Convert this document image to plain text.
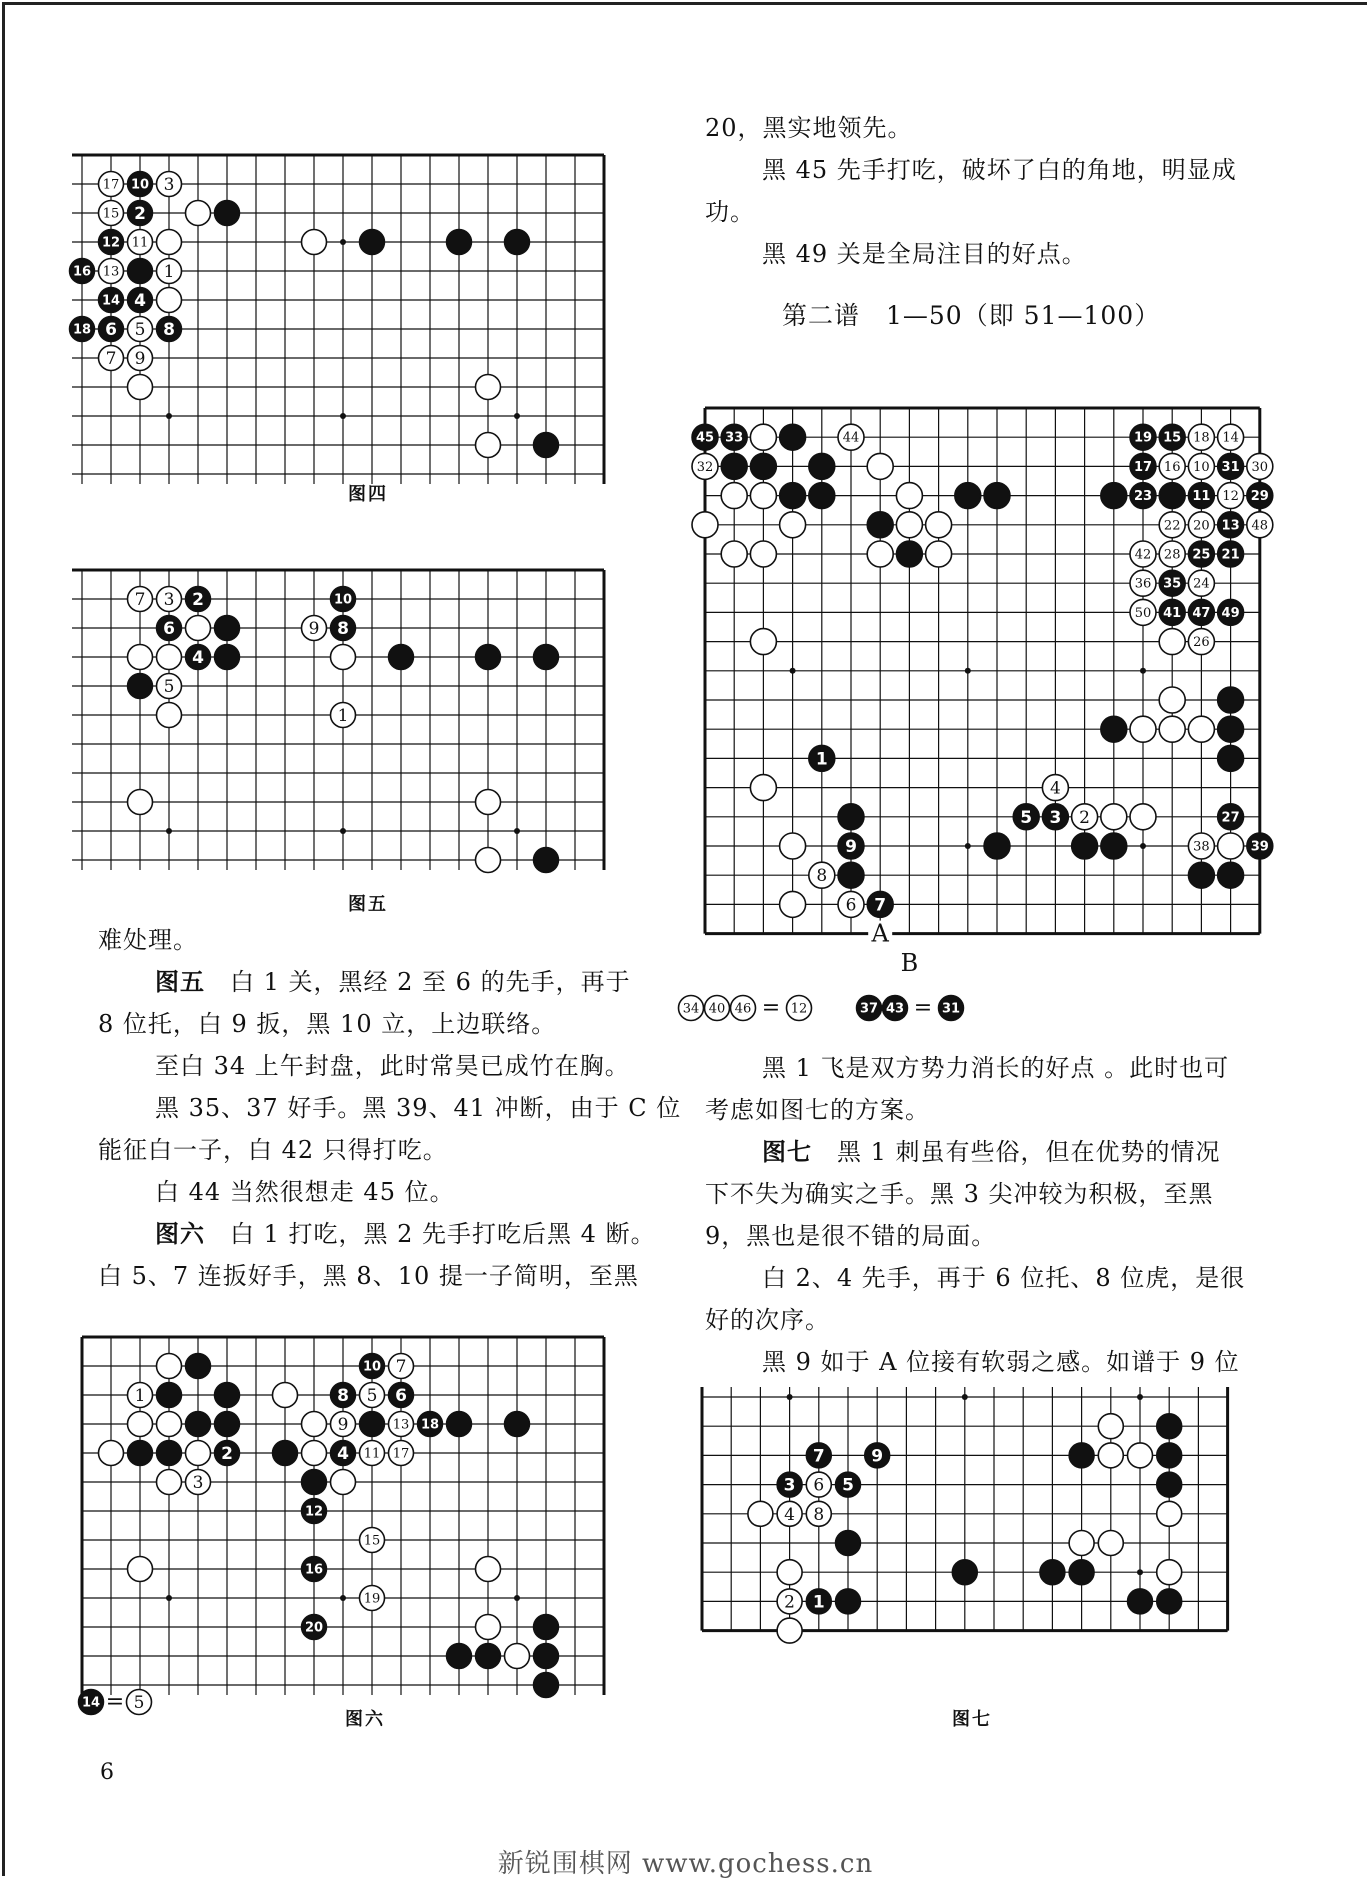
17 10 3
15 2
12 11
16 13	1
14 4
18 6 5 8
7 9
图四
7 3 2	10
6	9 8
4
5
1
图五

难处理。

图五　白 1 关，黑经 2 至 6 的先手，再于

8 位托，白 9 扳，黑 10 立，上边联络。

至白 34 上午封盘，此时常昊已成竹在胸。

黑 35、37 好手。黑 39、41 冲断，由于 C 位

能征白一子，白 42 只得打吃。

白 44 当然很想走 45 位。

图六　白 1 打吃，黑 2 先手打吃后黑 4 断。

白 5、7 连扳好手，黑 8、10 提一子简明，至黑

10 7
1	8 5 6
9	13 18
2	4 11 17
3
12
15
16
19
20
14 = 5
图六
6

20，黑实地领先。

黑 45 先手打吃，破坏了白的角地，明显成

功。

黑 49 关是全局注目的好点。

第二谱　1—50（即 51—100）
A
B
45 33	44	19 15 18 14
32	17 16 10 31 30
23	11 12 29
22 20 13 48
42 28 25 21
36 35 24
50 41 47 49
26
1
4
5 3 2	27
9	38	39
8
6 7
34 40 46 = 12	37 43 = 31

黑 1 飞是双方势力消长的好点 。此时也可

考虑如图七的方案。

图七　黑 1 刺虽有些俗，但在优势的情况

下不失为确实之手。黑 3 尖冲较为积极，至黑

9，黑也是很不错的局面。

白 2、4 先手，再于 6 位托、8 位虎，是很

好的次序。

黑 9 如于 A 位接有软弱之感。如谱于 9 位

7	9
3 6 5
4 8
2 1
图七
新锐围棋网 www.gochess.cn
